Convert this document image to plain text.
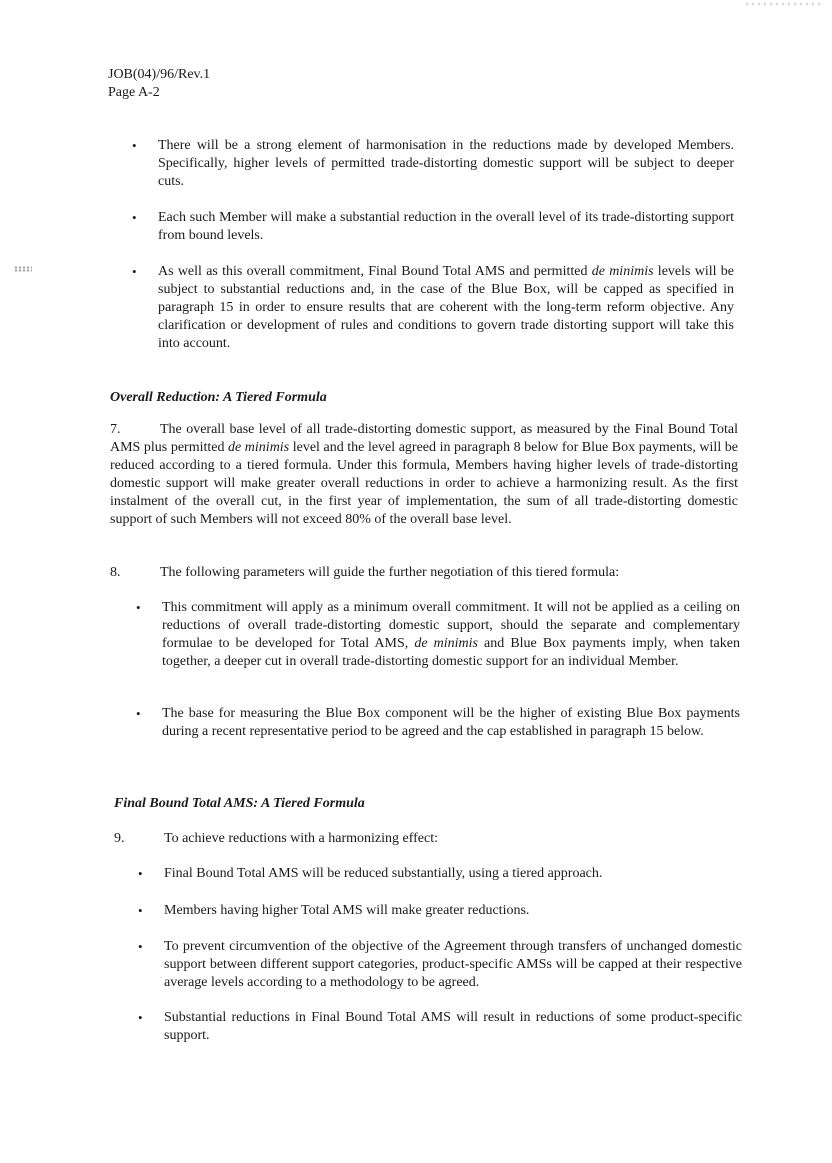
JOB(04)/96/Rev.1
Page A-2
• There will be a strong element of harmonisation in the reductions made by developed Members. Specifically, higher levels of permitted trade-distorting domestic support will be subject to deeper cuts.
• Each such Member will make a substantial reduction in the overall level of its trade-distorting support from bound levels.
• As well as this overall commitment, Final Bound Total AMS and permitted de minimis levels will be subject to substantial reductions and, in the case of the Blue Box, will be capped as specified in paragraph 15 in order to ensure results that are coherent with the long-term reform objective. Any clarification or development of rules and conditions to govern trade distorting support will take this into account.
Overall Reduction: A Tiered Formula
7.	The overall base level of all trade-distorting domestic support, as measured by the Final Bound Total AMS plus permitted de minimis level and the level agreed in paragraph 8 below for Blue Box payments, will be reduced according to a tiered formula. Under this formula, Members having higher levels of trade-distorting domestic support will make greater overall reductions in order to achieve a harmonizing result. As the first instalment of the overall cut, in the first year of implementation, the sum of all trade-distorting domestic support of such Members will not exceed 80% of the overall base level.
8.	The following parameters will guide the further negotiation of this tiered formula:
• This commitment will apply as a minimum overall commitment. It will not be applied as a ceiling on reductions of overall trade-distorting domestic support, should the separate and complementary formulae to be developed for Total AMS, de minimis and Blue Box payments imply, when taken together, a deeper cut in overall trade-distorting domestic support for an individual Member.
• The base for measuring the Blue Box component will be the higher of existing Blue Box payments during a recent representative period to be agreed and the cap established in paragraph 15 below.
Final Bound Total AMS: A Tiered Formula
9.	To achieve reductions with a harmonizing effect:
• Final Bound Total AMS will be reduced substantially, using a tiered approach.
• Members having higher Total AMS will make greater reductions.
• To prevent circumvention of the objective of the Agreement through transfers of unchanged domestic support between different support categories, product-specific AMSs will be capped at their respective average levels according to a methodology to be agreed.
• Substantial reductions in Final Bound Total AMS will result in reductions of some product-specific support.
